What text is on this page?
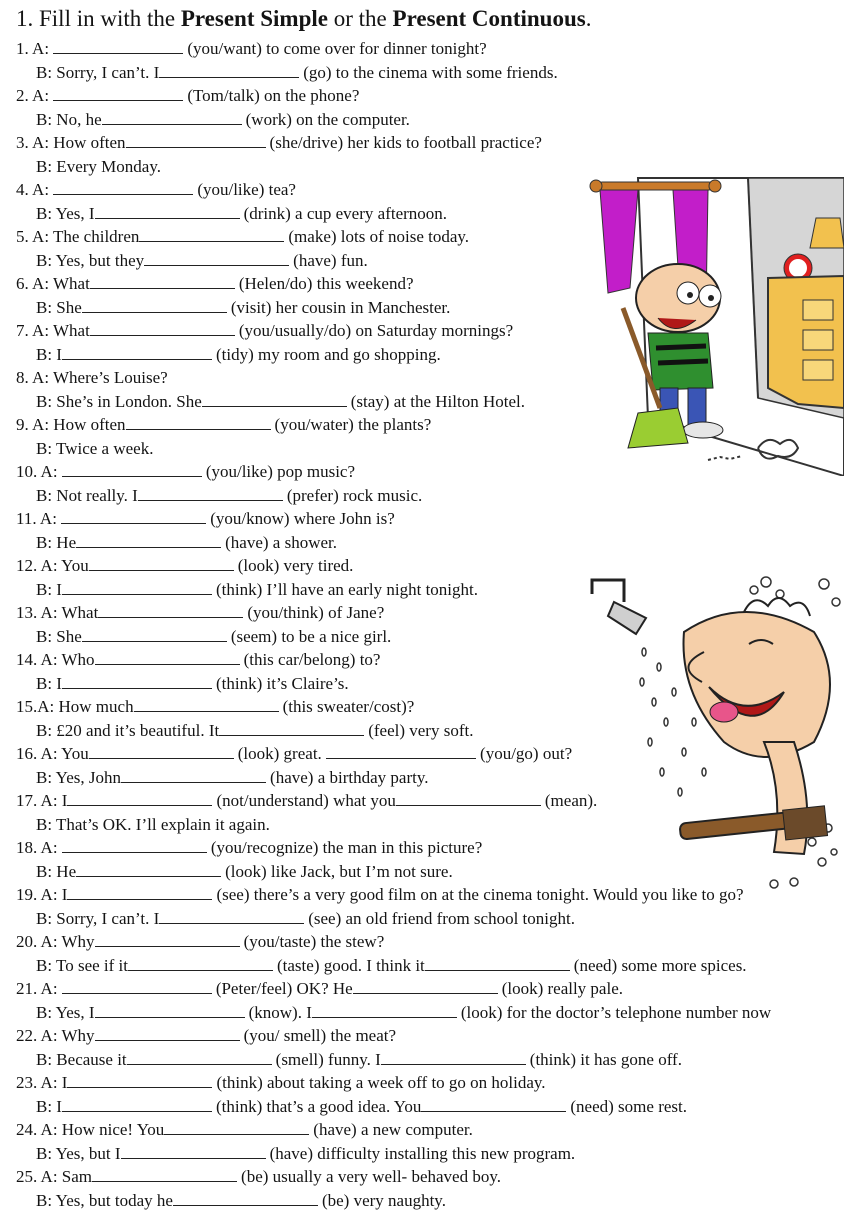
1. Fill in with the Present Simple or the Present Continuous.
1. A:	(you/want) to come over for dinner tonight?
B: Sorry, I can’t. I	(go) to the cinema with some friends.
2. A:	(Tom/talk) on the phone?
B: No, he	(work) on the computer.
3. A: How often	(she/drive) her kids to football practice?
B: Every Monday.
4. A:	(you/like) tea?
B: Yes, I	(drink) a cup every afternoon.
5. A: The children	(make) lots of noise today.
B: Yes, but they	(have) fun.
6. A: What	(Helen/do) this weekend?
B: She	(visit) her cousin in Manchester.
7. A: What	(you/usually/do) on Saturday mornings?
B: I	(tidy) my room and go shopping.
8. A: Where’s Louise?
B: She’s in London. She	(stay) at the Hilton Hotel.
9. A: How often	(you/water) the plants?
B: Twice a week.
10. A:	(you/like) pop music?
B: Not really. I	(prefer) rock music.
11. A:	(you/know) where John is?
B: He	(have) a shower.
12. A: You	(look) very tired.
B: I	(think) I’ll have an early night tonight.
13. A: What	(you/think) of Jane?
B: She	(seem) to be a nice girl.
14. A: Who	(this car/belong) to?
B: I	(think) it’s Claire’s.
15.A: How much	(this sweater/cost)?
B: £20 and it’s beautiful. It	(feel) very soft.
16. A: You	(look) great.	(you/go) out?
B: Yes, John	(have) a birthday party.
17. A: I	(not/understand) what you	(mean).
B: That’s OK. I’ll explain it again.
18. A:	(you/recognize) the man in this picture?
B: He	(look) like Jack, but I’m not sure.
19. A: I	(see) there’s a very good film on at the cinema tonight. Would you like to go?
B: Sorry, I can’t. I	(see) an old friend from school tonight.
20. A: Why	(you/taste) the stew?
B: To see if it	(taste) good. I think it	(need) some more spices.
21. A:	(Peter/feel) OK? He	(look) really pale.
B: Yes, I	(know). I	(look) for the doctor’s telephone number now
22. A: Why	(you/ smell) the meat?
B: Because it	(smell) funny. I	(think) it has gone off.
23. A: I	(think) about taking a week off to go on holiday.
B: I	(think) that’s a good idea. You	(need) some rest.
24. A: How nice! You	(have) a new computer.
B: Yes, but I	(have) difficulty installing this new program.
25. A: Sam	(be) usually a very well- behaved boy.
B: Yes, but today he	(be) very naughty.
